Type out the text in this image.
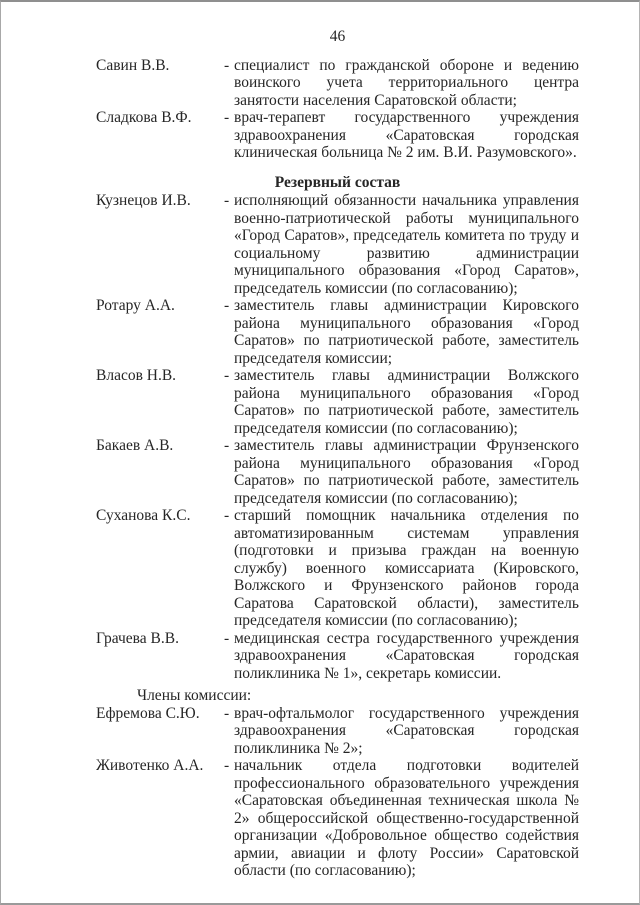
46
Савин В.В.	- специалист по гражданской обороне и ведению воинского учета территориального центра занятости населения Саратовской области;
Сладкова В.Ф.	- врач-терапевт государственного учреждения здравоохранения «Саратовская городская клиническая больница № 2 им. В.И. Разумовского».
Резервный состав
Кузнецов И.В.	- исполняющий обязанности начальника управления военно-патриотической работы муниципального «Город Саратов», председатель комитета по труду и социальному развитию администрации муниципального образования «Город Саратов», председатель комиссии (по согласованию);
Ротару А.А.	- заместитель главы администрации Кировского района муниципального образования «Город Саратов» по патриотической работе, заместитель председателя комиссии;
Власов Н.В.	- заместитель главы администрации Волжского района муниципального образования «Город Саратов» по патриотической работе, заместитель председателя комиссии (по согласованию);
Бакаев А.В.	- заместитель главы администрации Фрунзенского района муниципального образования «Город Саратов» по патриотической работе, заместитель председателя комиссии (по согласованию);
Суханова К.С.	- старший помощник начальника отделения по автоматизированным системам управления (подготовки и призыва граждан на военную службу) военного комиссариата (Кировского, Волжского и Фрунзенского районов города Саратова Саратовской области), заместитель председателя комиссии (по согласованию);
Грачева В.В.	- медицинская сестра государственного учреждения здравоохранения «Саратовская городская поликлиника № 1», секретарь комиссии.
Члены комиссии:
Ефремова С.Ю.	- врач-офтальмолог государственного учреждения здравоохранения «Саратовская городская поликлиника № 2»;
Животенко А.А.	- начальник отдела подготовки водителей профессионального образовательного учреждения «Саратовская объединенная техническая школа № 2» общероссийской общественно-государственной организации «Добровольное общество содействия армии, авиации и флоту России» Саратовской области (по согласованию);
